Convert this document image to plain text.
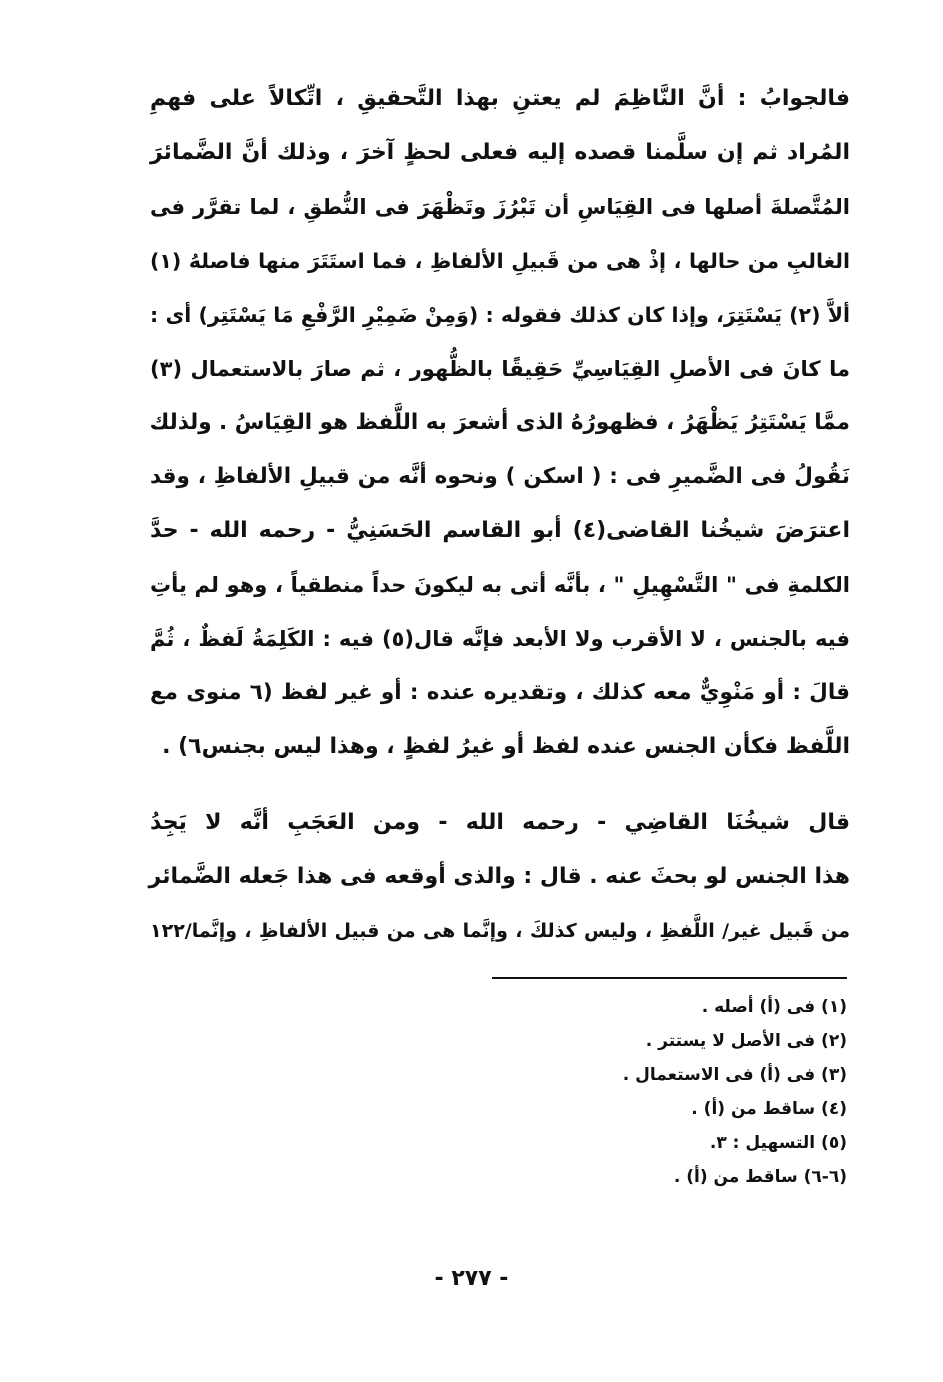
فالجوابُ : أنَّ النَّاظِمَ لم يعتنِ بهذا التَّحقيقِ ، اتِّكالاً على فهمِ
المُراد ثم إن سلَّمنا قصده إليه فعلى لحظٍ آخرَ ، وذلك أنَّ الضَّمائرَ
المُتَّصلةَ أصلها فى القِيَاسِ أن تَبْرُزَ وتَظْهَرَ فى النُّطقِ ، لما تقرَّر فى
الغالبِ من حالها ، إذْ هى من قَبيلِ الألفاظِ ، فما استَتَرَ منها فاصلهُ (١)
ألاَّ (٢) يَسْتَتِرَ، وإذا كان كذلك فقوله : (وَمِنْ ضَمِيْرِ الرَّفْعِ مَا يَسْتَتِر) أى :
ما كانَ فى الأصلِ القِيَاسِيِّ حَقِيقًا بالظُّهور ، ثم صارَ بالاستعمال (٣)
ممَّا يَسْتَتِرُ يَظْهَرُ ، فظهورُهُ الذى أشعرَ به اللَّفظ هو القِيَاسُ . ولذلك
نَقُولُ فى الضَّميرِ فى : ( اسكن ) ونحوه أنَّه من قبيلِ الألفاظِ ، وقد
اعترَضَ شيخُنا القاضى(٤) أبو القاسم الحَسَنِيُّ - رحمه الله - حدَّ
الكلمةِ فى " التَّسْهِيلِ " ، بأنَّه أتى به ليكونَ حداً منطقياً ، وهو لم يأتِ
فيه بالجنس ، لا الأقرب ولا الأبعد فإنَّه قال(٥) فيه : الكَلِمَةُ لَفظٌ ، ثُمَّ
قالَ : أو مَنْوِيٌّ معه كذلك ، وتقديره عنده : أو غير لفظ (٦ منوى مع
اللَّفظ فكأن الجنس عنده لفظ أو غيرُ لفظٍ ، وهذا ليس بجنس٦) .
قال شيخُنَا القاضِي - رحمه الله - ومن العَجَبِ أنَّه لا يَجِدُ
هذا الجنس لو بحثَ عنه . قال : والذى أوقعه فى هذا جَعله الضَّمائر
من قَبيل غير/ اللَّفظِ ، وليس كذلكَ ، وإنَّما هى من قبيل الألفاظِ ، وإنَّما/١٢٢
(١) فى (أ) أصله .
(٢) فى الأصل لا يستتر .
(٣) فى (أ) فى الاستعمال .
(٤) ساقط من (أ) .
(٥) التسهيل : ٣.
(٦-٦) ساقط من (أ) .
- ٢٧٧ -
